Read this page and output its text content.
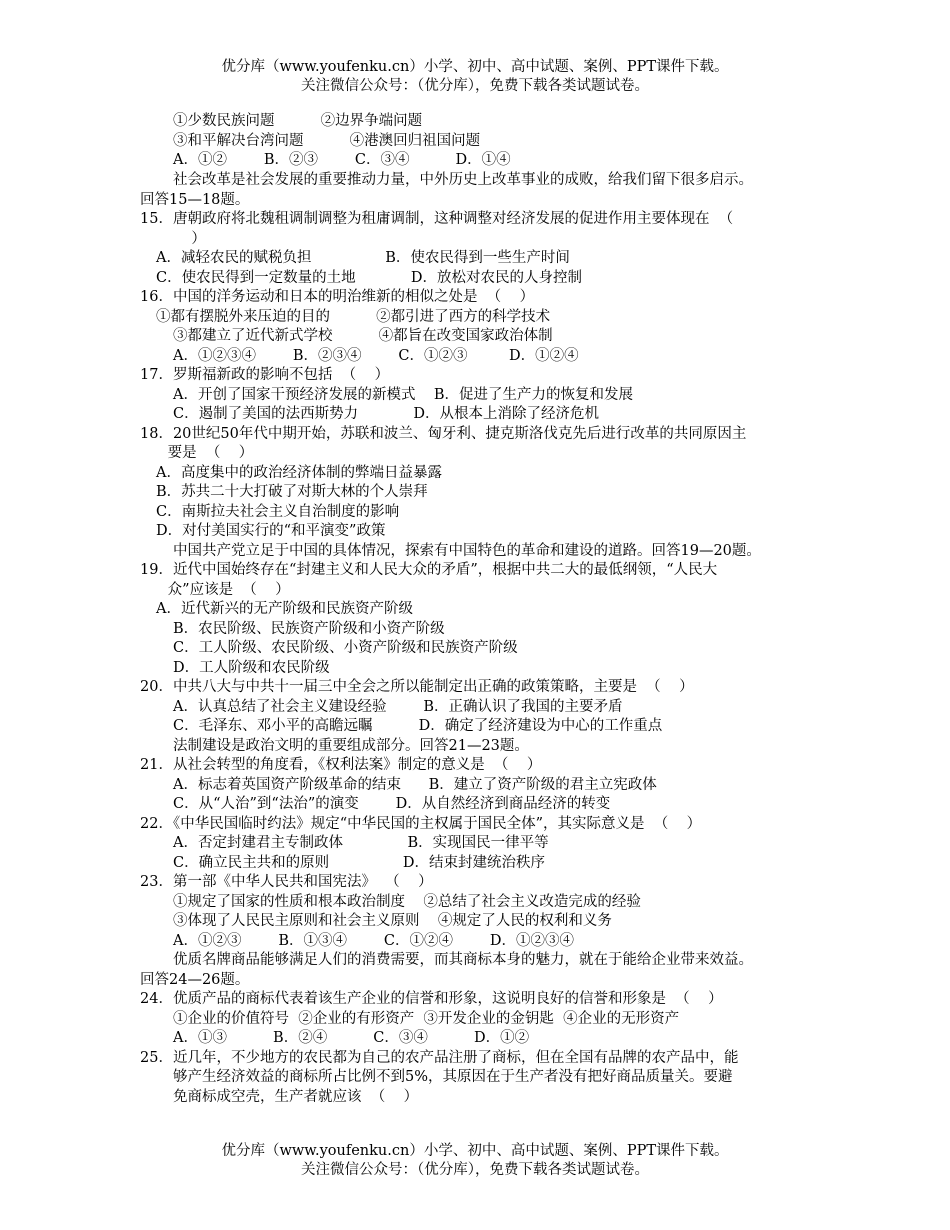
优分库（www.youfenku.cn）小学、初中、高中试题、案例、PPT课件下载。
关注微信公众号：（优分库），免费下载各类试题试卷。
①少数民族问题          ②边界争端问题
③和平解决台湾问题          ④港澳回归祖国问题
A．①②        B．②③        C．③④          D．①④
社会改革是社会发展的重要推动力量，中外历史上改革事业的成败，给我们留下很多启示。
回答15—18题。
15．唐朝政府将北魏租调制调整为租庸调制，这种调整对经济发展的促进作用主要体现在  （
）
A．减轻农民的赋税负担                B．使农民得到一些生产时间
C．使农民得到一定数量的土地            D．放松对农民的人身控制
16．中国的洋务运动和日本的明治维新的相似之处是  （    ）
①都有摆脱外来压迫的目的          ②都引进了西方的科学技术
③都建立了近代新式学校          ④都旨在改变国家政治体制
A．①②③④        B．②③④        C．①②③         D．①②④
17．罗斯福新政的影响不包括  （    ）
A．开创了国家干预经济发展的新模式    B．促进了生产力的恢复和发展
C．遏制了美国的法西斯势力            D．从根本上消除了经济危机
18．20世纪50年代中期开始，苏联和波兰、匈牙利、捷克斯洛伐克先后进行改革的共同原因主
要是  （    ）
A．高度集中的政治经济体制的弊端日益暴露
B．苏共二十大打破了对斯大林的个人崇拜
C．南斯拉夫社会主义自治制度的影响
D．对付美国实行的“和平演变”政策
中国共产党立足于中国的具体情况，探索有中国特色的革命和建设的道路。回答19—20题。
19．近代中国始终存在“封建主义和人民大众的矛盾”，根据中共二大的最低纲领，“人民大
众”应该是  （    ）
A．近代新兴的无产阶级和民族资产阶级
B．农民阶级、民族资产阶级和小资产阶级
C．工人阶级、农民阶级、小资产阶级和民族资产阶级
D．工人阶级和农民阶级
20．中共八大与中共十一届三中全会之所以能制定出正确的政策策略，主要是  （    ）
A．认真总结了社会主义建设经验        B．正确认识了我国的主要矛盾
C．毛泽东、邓小平的高瞻远瞩          D．确定了经济建设为中心的工作重点
法制建设是政治文明的重要组成部分。回答21—23题。
21．从社会转型的角度看，《权利法案》制定的意义是  （    ）
A．标志着英国资产阶级革命的结束      B．建立了资产阶级的君主立宪政体
C．从“人治”到“法治”的演变        D．从自然经济到商品经济的转变
22．《中华民国临时约法》规定“中华民国的主权属于国民全体”，其实际意义是  （    ）
A．否定封建君主专制政体              B．实现国民一律平等
C．确立民主共和的原则                D．结束封建统治秩序
23．第一部《中华人民共和国宪法》  （    ）
①规定了国家的性质和根本政治制度    ②总结了社会主义改造完成的经验
③体现了人民民主原则和社会主义原则    ④规定了人民的权利和义务
A．①②③        B．①③④        C．①②④        D．①②③④
优质名牌商品能够满足人们的消费需要，而其商标本身的魅力，就在于能给企业带来效益。
回答24—26题。
24．优质产品的商标代表着该生产企业的信誉和形象，这说明良好的信誉和形象是  （    ）
①企业的价值符号  ②企业的有形资产  ③开发企业的金钥匙  ④企业的无形资产
A．①③          B．②④          C．③④          D．①②
25．近几年，不少地方的农民都为自己的农产品注册了商标，但在全国有品牌的农产品中，能
够产生经济效益的商标所占比例不到5%，其原因在于生产者没有把好商品质量关。要避
免商标成空壳，生产者就应该  （    ）
优分库（www.youfenku.cn）小学、初中、高中试题、案例、PPT课件下载。
关注微信公众号：（优分库），免费下载各类试题试卷。
